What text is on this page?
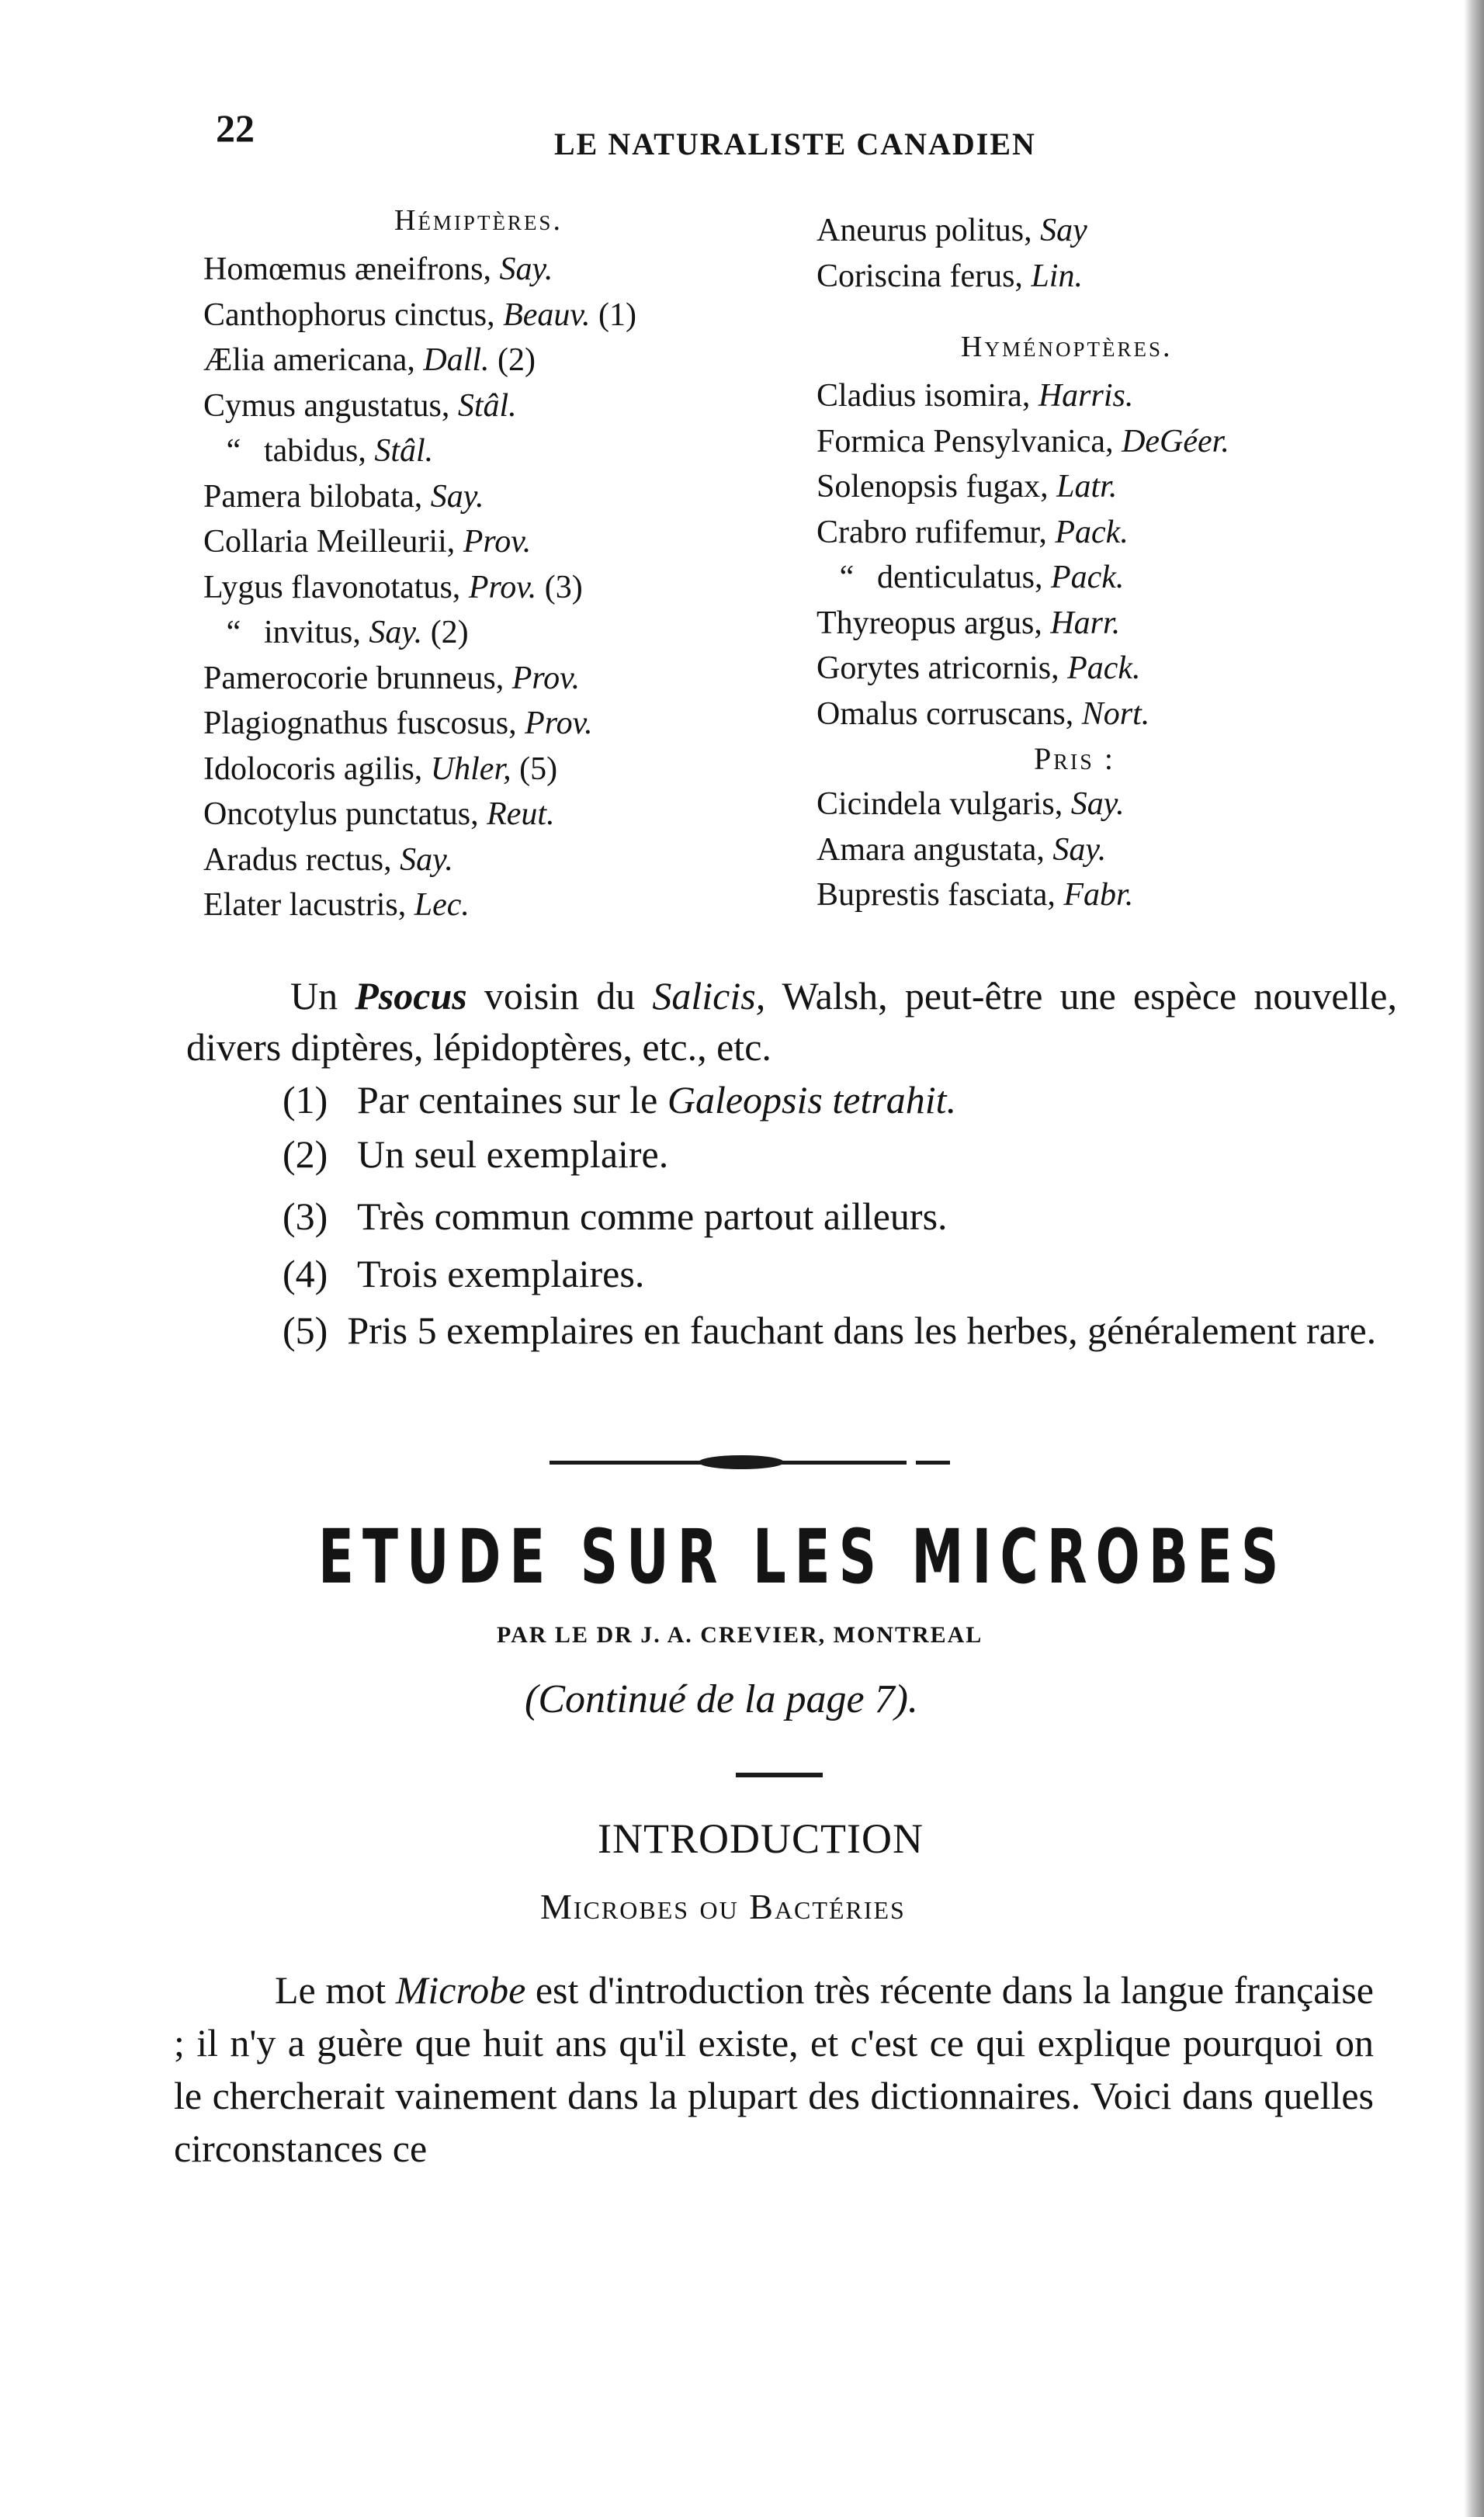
22	LE NATURALISTE CANADIEN
Hémiptères.
Homœmus æneifrons, Say.
Canthophorus cinctus, Beauv. (1)
Ælia americana, Dall. (2)
Cymus angustatus, Stâl.
“ tabidus, Stâl.
Pamera bilobata, Say.
Collaria Meilleurii, Prov.
Lygus flavonotatus, Prov. (3)
“ invitus, Say. (2)
Pamerocorie brunneus, Prov.
Plagiognathus fuscosus, Prov.
Idolocoris agilis, Uhler, (5)
Oncotylus punctatus, Reut.
Aradus rectus, Say.
Elater lacustris, Lec.
Aneurus politus, Say
Coriscina ferus, Lin.
Hyménoptères.
Cladius isomira, Harris.
Formica Pensylvanica, DeGéer.
Solenopsis fugax, Latr.
Crabro rufifemur, Pack.
“ denticulatus, Pack.
Thyreopus argus, Harr.
Gorytes atricornis, Pack.
Omalus corruscans, Nort.
Pris :
Cicindela vulgaris, Say.
Amara angustata, Say.
Buprestis fasciata, Fabr.
Un Psocus voisin du Salicis, Walsh, peut-être une espèce nouvelle, divers diptères, lépidoptères, etc., etc.
(1) Par centaines sur le Galeopsis tetrahit.
(2) Un seul exemplaire.
(3) Très commun comme partout ailleurs.
(4) Trois exemplaires.
(5) Pris 5 exemplaires en fauchant dans les herbes, généralement rare.
ETUDE SUR LES MICROBES
PAR LE DR J. A. CREVIER, MONTREAL
(Continué de la page 7).
INTRODUCTION
Microbes ou Bactéries
Le mot Microbe est d'introduction très récente dans la langue française ; il n'y a guère que huit ans qu'il existe, et c'est ce qui explique pourquoi on le chercherait vainement dans la plupart des dictionnaires. Voici dans quelles circonstances ce
